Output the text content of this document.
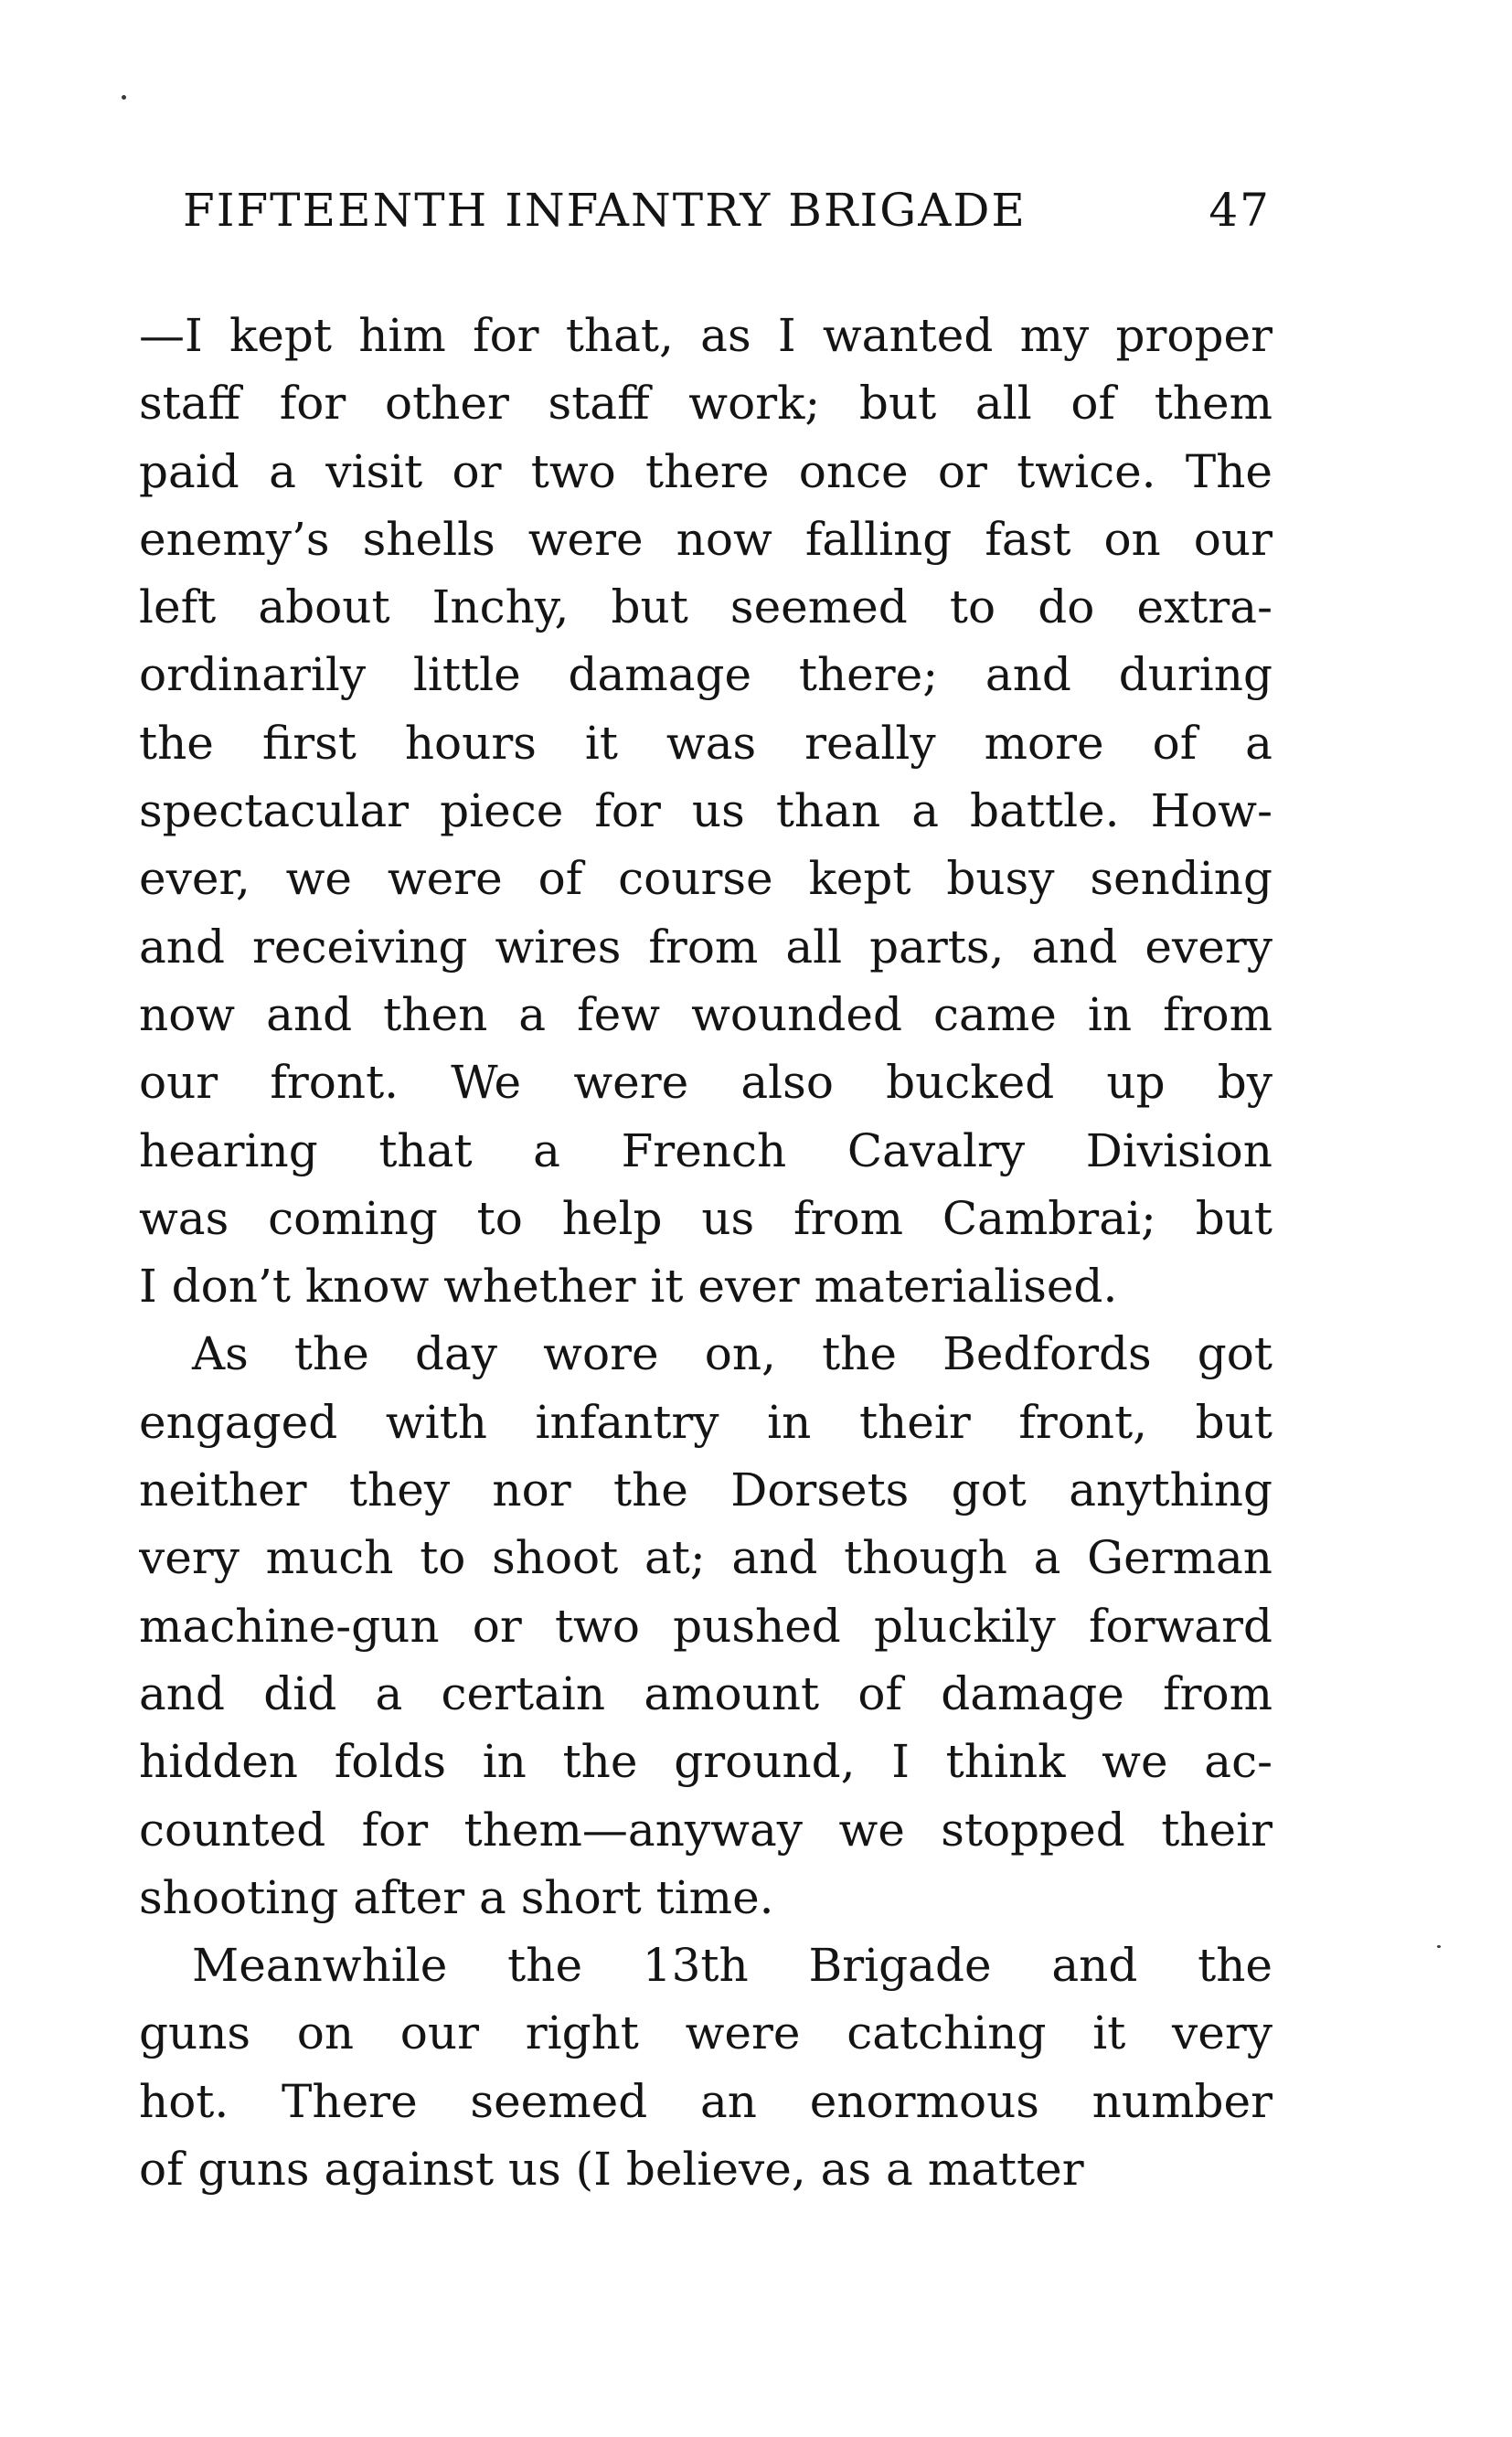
FIFTEENTH INFANTRY BRIGADE	47
—I kept him for that, as I wanted my proper
staff for other staff work; but all of them
paid a visit or two there once or twice. The
enemy’s shells were now falling fast on our
left about Inchy, but seemed to do extra-
ordinarily little damage there; and during
the first hours it was really more of a
spectacular piece for us than a battle. How-
ever, we were of course kept busy sending
and receiving wires from all parts, and every
now and then a few wounded came in from
our front. We were also bucked up by
hearing that a French Cavalry Division
was coming to help us from Cambrai; but
I don’t know whether it ever materialised.
As the day wore on, the Bedfords got
engaged with infantry in their front, but
neither they nor the Dorsets got anything
very much to shoot at; and though a German
machine-gun or two pushed pluckily forward
and did a certain amount of damage from
hidden folds in the ground, I think we ac-
counted for them—anyway we stopped their
shooting after a short time.
Meanwhile the 13th Brigade and the
guns on our right were catching it very
hot. There seemed an enormous number
of guns against us (I believe, as a matter
